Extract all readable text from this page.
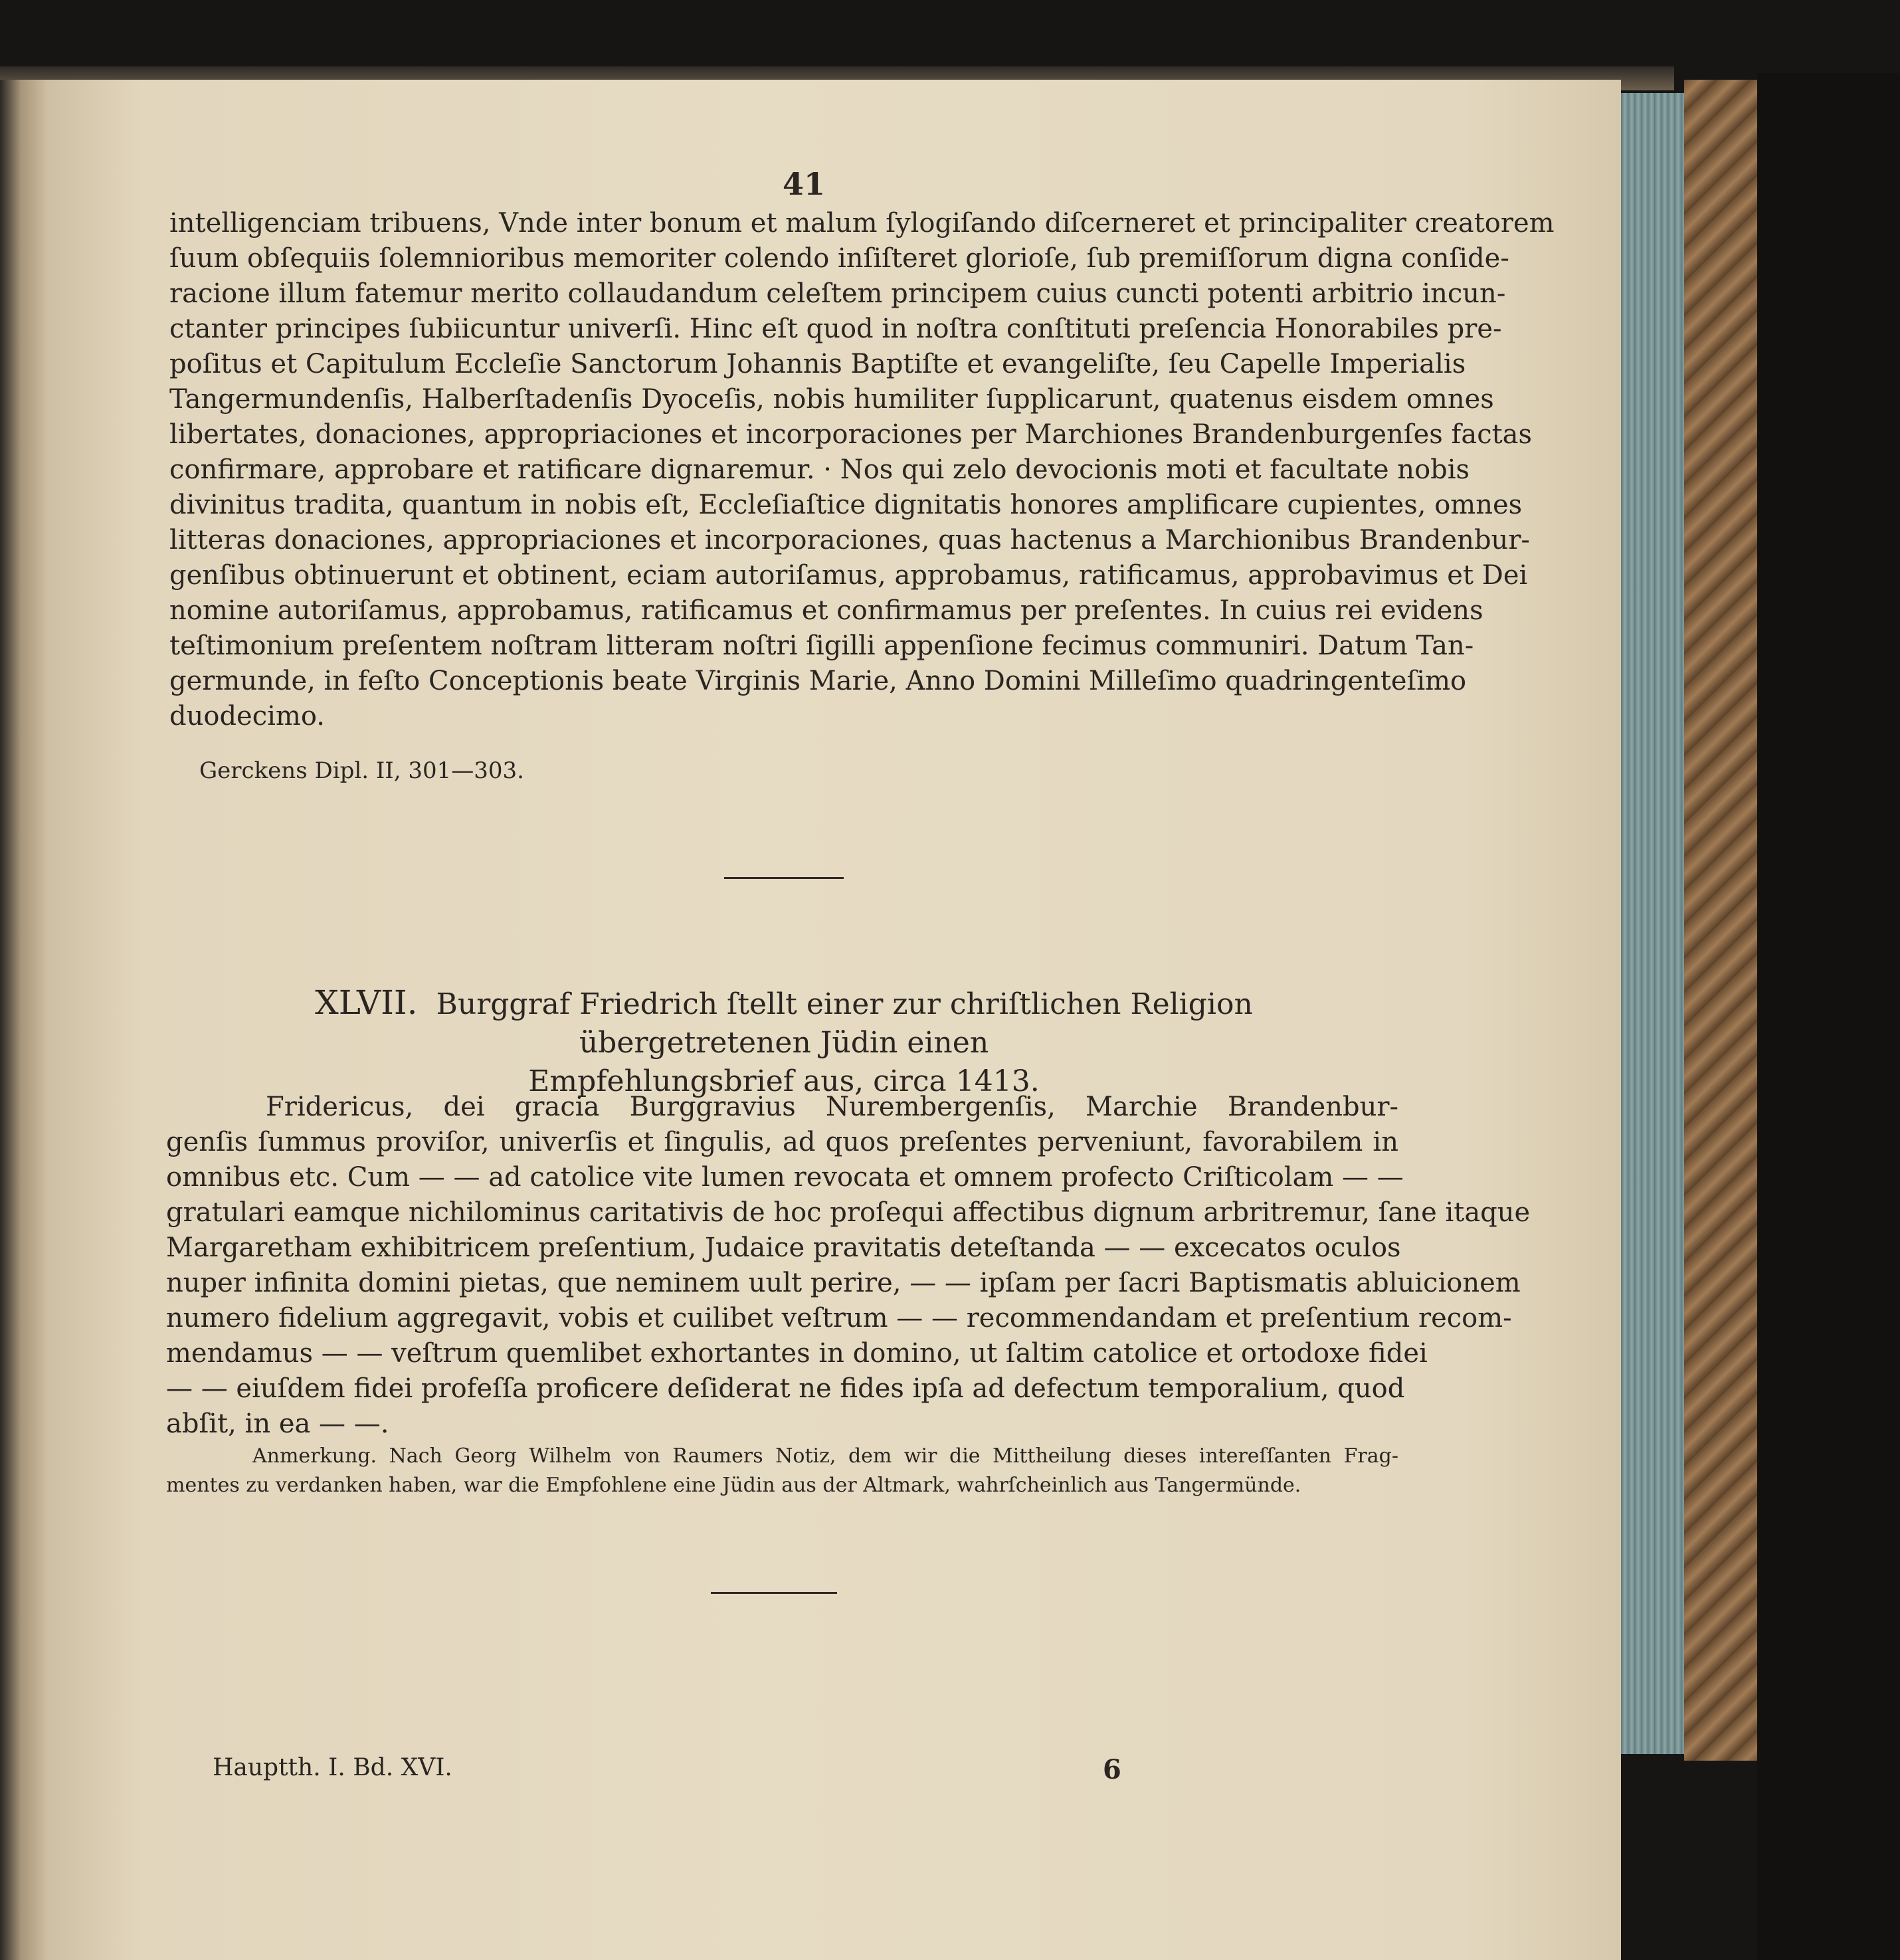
41
intelligenciam tribuens, Vnde inter bonum et malum ſylogiſando diſcerneret et principaliter creatorem
ſuum obſequiis ſolemnioribus memoriter colendo inſiſteret glorioſe, ſub premiſſorum digna conſide-
racione illum fatemur merito collaudandum celeſtem principem cuius cuncti potenti arbitrio incun-
ctanter principes ſubiicuntur univerſi. Hinc eſt quod in noſtra conſtituti preſencia Honorabiles pre-
poſitus et Capitulum Eccleſie Sanctorum Johannis Baptiſte et evangeliſte, ſeu Capelle Imperialis
Tangermundenſis, Halberſtadenſis Dyoceſis, nobis humiliter ſupplicarunt, quatenus eisdem omnes
libertates, donaciones, appropriaciones et incorporaciones per Marchiones Brandenburgenſes factas
confirmare, approbare et ratificare dignaremur. · Nos qui zelo devocionis moti et facultate nobis
divinitus tradita, quantum in nobis eſt, Eccleſiaſtice dignitatis honores amplificare cupientes, omnes
litteras donaciones, appropriaciones et incorporaciones, quas hactenus a Marchionibus Brandenbur-
genſibus obtinuerunt et obtinent, eciam autoriſamus, approbamus, ratificamus, approbavimus et Dei
nomine autoriſamus, approbamus, ratificamus et confirmamus per preſentes. In cuius rei evidens
teſtimonium preſentem noſtram litteram noſtri ſigilli appenſione fecimus communiri. Datum Tan-
germunde, in feſto Conceptionis beate Virginis Marie, Anno Domini Milleſimo quadringenteſimo
duodecimo.
Gerckens Dipl. II, 301—303.
XLVII. Burggraf Friedrich ſtellt einer zur chriſtlichen Religion übergetretenen Jüdin einen
Empfehlungsbrief aus, circa 1413.
Fridericus, dei gracia Burggravius Nurembergenſis, Marchie Brandenbur-
genſis ſummus proviſor, univerſis et ſingulis, ad quos preſentes perveniunt, favorabilem in
omnibus etc. Cum — — ad catolice vite lumen revocata et omnem profecto Criſticolam — —
gratulari eamque nichilominus caritativis de hoc proſequi affectibus dignum arbritremur, ſane itaque
Margaretham exhibitricem preſentium, Judaice pravitatis deteſtanda — — excecatos oculos
nuper infinita domini pietas, que neminem uult perire, — — ipſam per ſacri Baptismatis abluicionem
numero fidelium aggregavit, vobis et cuilibet veſtrum — — recommendandam et preſentium recom-
mendamus — — veſtrum quemlibet exhortantes in domino, ut ſaltim catolice et ortodoxe fidei
— — eiuſdem fidei profeſſa proficere deſiderat ne fides ipſa ad defectum temporalium, quod
abſit, in ea — —.
Anmerkung. Nach Georg Wilhelm von Raumers Notiz, dem wir die Mittheilung dieses intereſſanten Frag-
mentes zu verdanken haben, war die Empfohlene eine Jüdin aus der Altmark, wahrſcheinlich aus Tangermünde.
Hauptth. I. Bd. XVI.	6
